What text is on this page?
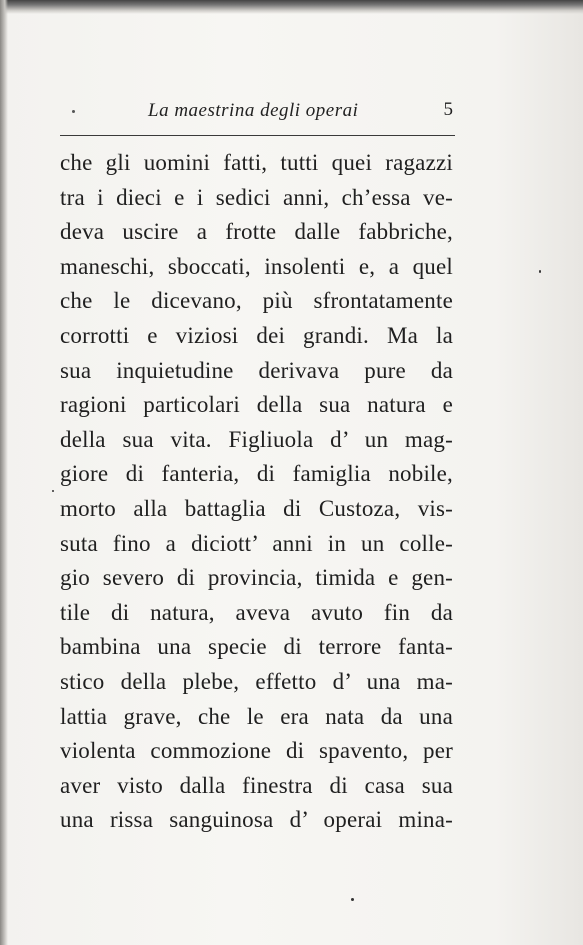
La maestrina degli operai	5
che gli uomini fatti, tutti quei ragazzi
tra i dieci e i sedici anni, ch’essa ve-
deva uscire a frotte dalle fabbriche,
maneschi, sboccati, insolenti e, a quel
che le dicevano, più sfrontatamente
corrotti e viziosi dei grandi. Ma la
sua inquietudine derivava pure da
ragioni particolari della sua natura e
della sua vita. Figliuola d’ un mag-
giore di fanteria, di famiglia nobile,
morto alla battaglia di Custoza, vis-
suta fino a diciott’ anni in un colle-
gio severo di provincia, timida e gen-
tile di natura, aveva avuto fin da
bambina una specie di terrore fanta-
stico della plebe, effetto d’ una ma-
lattia grave, che le era nata da una
violenta commozione di spavento, per
aver visto dalla finestra di casa sua
una rissa sanguinosa d’ operai mina-
